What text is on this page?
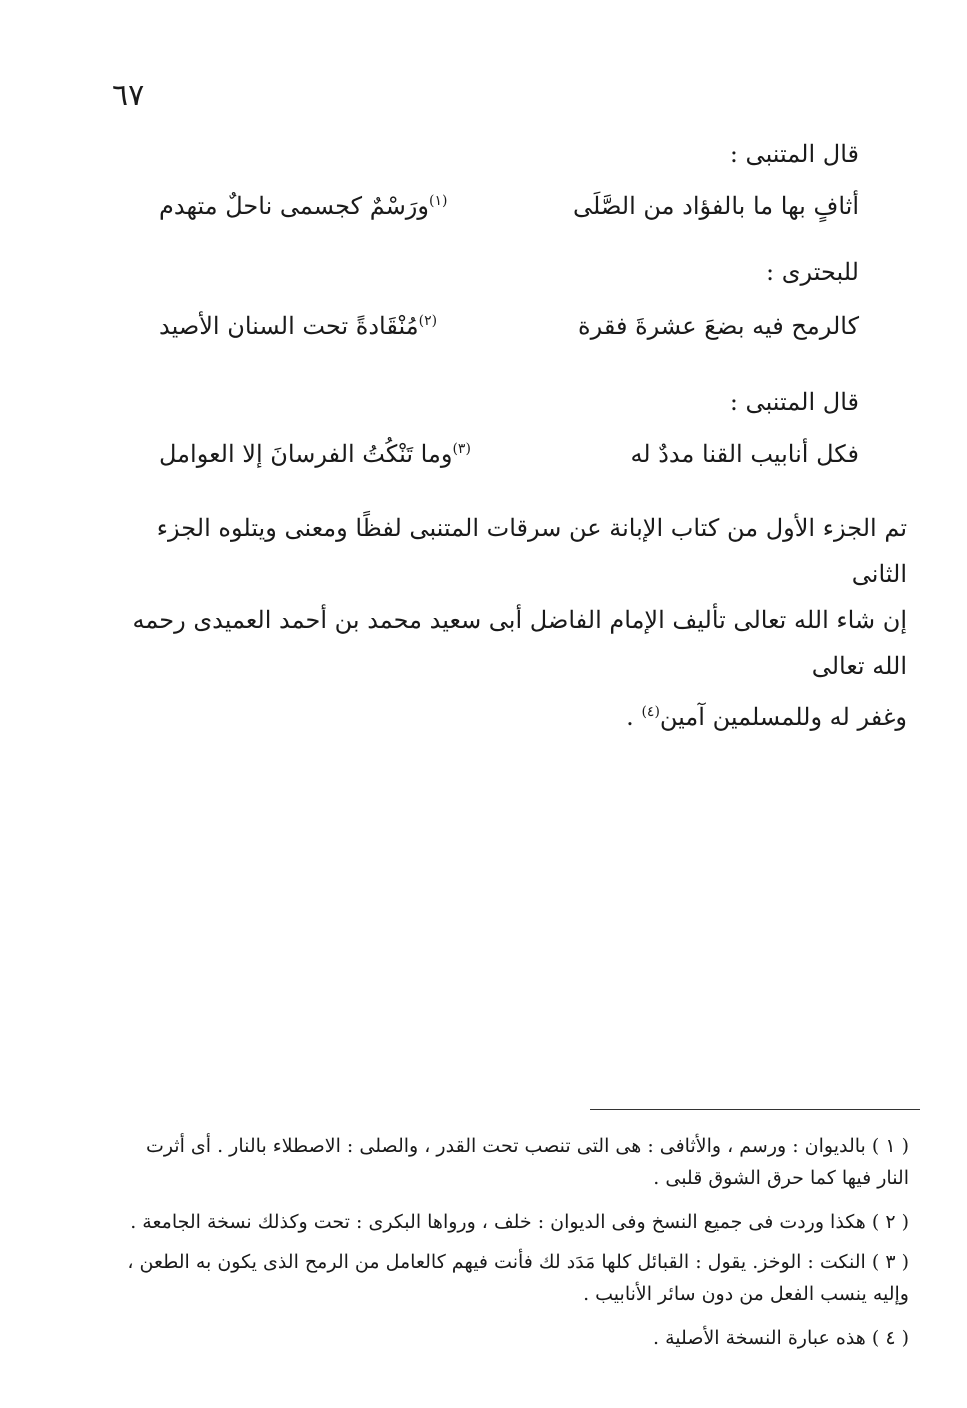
٦٧
قال المتنبى :
أثافٍ بها ما بالفؤاد من الصَّلَى
$^{(١)}$ورَسْمٌ كجسمى ناحلٌ متهدم
للبحترى :
كالرمح فيه بضعَ عشرةَ فقرة
$^{(٢)}$مُنْقَادةً تحت السنان الأصيد
قال المتنبى :
فكل أنابيب القنا مددٌ له
$^{(٣)}$وما تَنْكُتُ الفرسانَ إلا العوامل
تم الجزء الأول من كتاب الإبانة عن سرقات المتنبى لفظًا ومعنى ويتلوه الجزء الثانى
إن شاء الله تعالى تأليف الإمام الفاضل أبى سعيد محمد بن أحمد العميدى رحمه الله تعالى
وغفر له وللمسلمين آمين$^{(٤)}$ .
( ١ ) بالديوان : ورسم ، والأثافى : هى التى تنصب تحت القدر ، والصلى : الاصطلاء بالنار . أى أثرت النار فيها كما حرق الشوق قلبى .
( ٢ ) هكذا وردت فى جميع النسخ وفى الديوان : خلف ، ورواها البكرى : تحت وكذلك نسخة الجامعة .
( ٣ ) النكت : الوخز. يقول : القبائل كلها مَدَد لك فأنت فيهم كالعامل من الرمح الذى يكون به الطعن ، وإليه ينسب الفعل من دون سائر الأنابيب .
( ٤ ) هذه عبارة النسخة الأصلية .
